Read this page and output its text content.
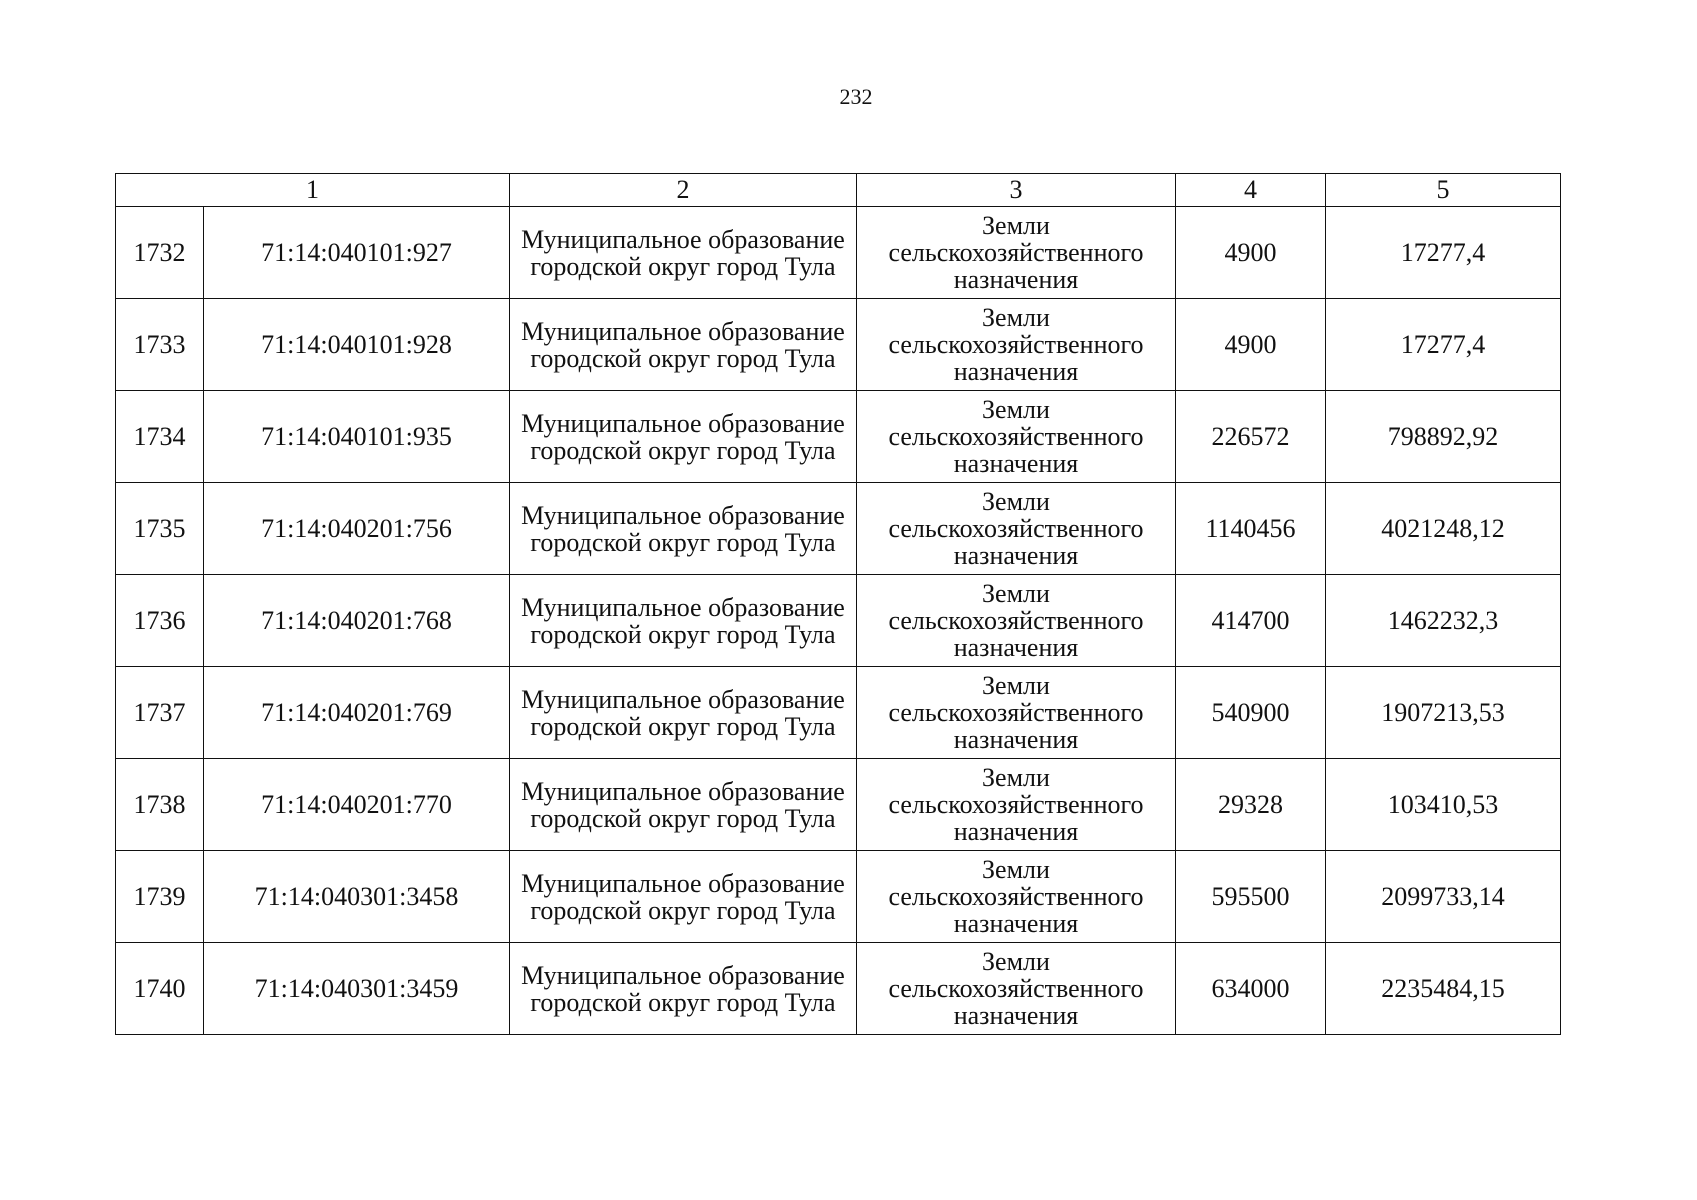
232
1		2	3	4	5
1732	71:14:040101:927	Муниципальное образование городской округ город Тула	Земли сельскохозяйственного назначения	4900	17277,4
1733	71:14:040101:928	Муниципальное образование городской округ город Тула	Земли сельскохозяйственного назначения	4900	17277,4
1734	71:14:040101:935	Муниципальное образование городской округ город Тула	Земли сельскохозяйственного назначения	226572	798892,92
1735	71:14:040201:756	Муниципальное образование городской округ город Тула	Земли сельскохозяйственного назначения	1140456	4021248,12
1736	71:14:040201:768	Муниципальное образование городской округ город Тула	Земли сельскохозяйственного назначения	414700	1462232,3
1737	71:14:040201:769	Муниципальное образование городской округ город Тула	Земли сельскохозяйственного назначения	540900	1907213,53
1738	71:14:040201:770	Муниципальное образование городской округ город Тула	Земли сельскохозяйственного назначения	29328	103410,53
1739	71:14:040301:3458	Муниципальное образование городской округ город Тула	Земли сельскохозяйственного назначения	595500	2099733,14
1740	71:14:040301:3459	Муниципальное образование городской округ город Тула	Земли сельскохозяйственного назначения	634000	2235484,15
